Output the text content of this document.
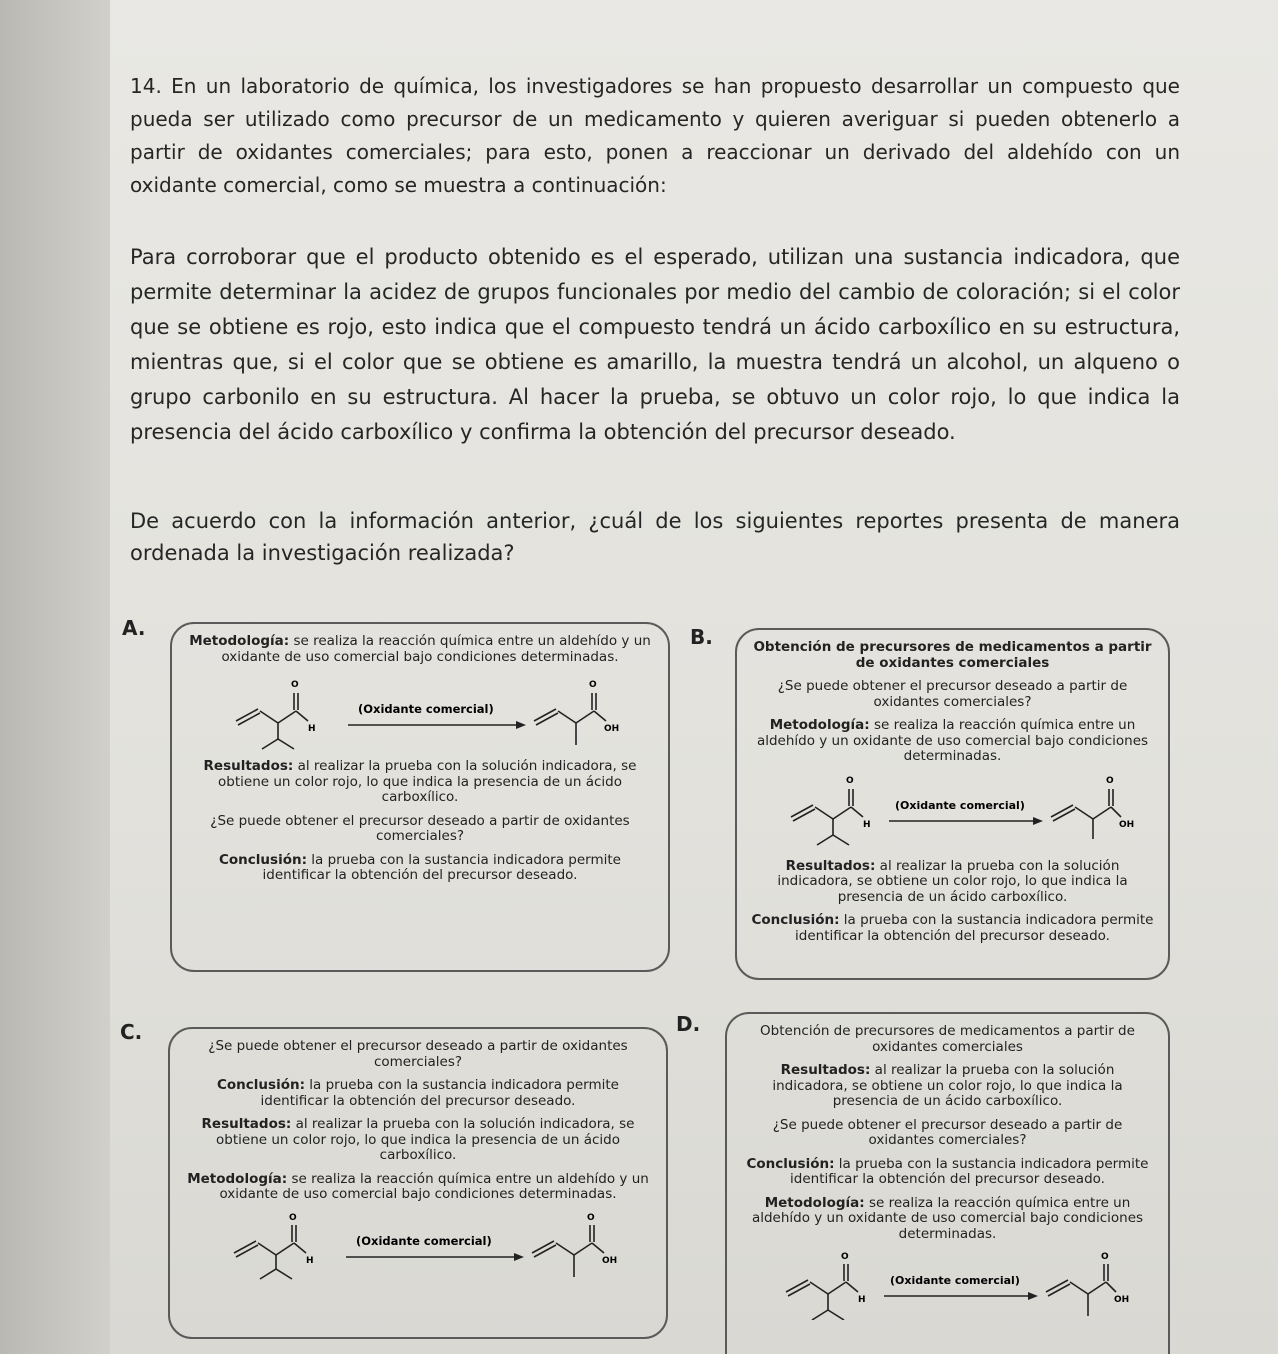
14. En un laboratorio de química, los investigadores se han propuesto desarrollar un compuesto que pueda ser utilizado como precursor de un medicamento y quieren averiguar si pueden obtenerlo a partir de oxidantes comerciales; para esto, ponen a reaccionar un derivado del aldehído con un oxidante comercial, como se muestra a continuación:
Para corroborar que el producto obtenido es el esperado, utilizan una sustancia indicadora, que permite determinar la acidez de grupos funcionales por medio del cambio de coloración; si el color que se obtiene es rojo, esto indica que el compuesto tendrá un ácido carboxílico en su estructura, mientras que, si el color que se obtiene es amarillo, la muestra tendrá un alcohol, un alqueno o grupo carbonilo en su estructura. Al hacer la prueba, se obtuvo un color rojo, lo que indica la presencia del ácido carboxílico y confirma la obtención del precursor deseado.
De acuerdo con la información anterior, ¿cuál de los siguientes reportes presenta de manera ordenada la investigación realizada?
A.

Metodología: se realiza la reacción química entre un aldehído y un oxidante de uso comercial bajo condiciones determinadas.

O
H
O
OH
(Oxidante comercial)

Resultados: al realizar la prueba con la solución indicadora, se obtiene un color rojo, lo que indica la presencia de un ácido carboxílico.

¿Se puede obtener el precursor deseado a partir de oxidantes comerciales?

Conclusión: la prueba con la sustancia indicadora permite identificar la obtención del precursor deseado.

B.	Obtención de precursores de medicamentos a partir de oxidantes comerciales

¿Se puede obtener el precursor deseado a partir de oxidantes comerciales?

Metodología: se realiza la reacción química entre un aldehído y un oxidante de uso comercial bajo condiciones determinadas.

O
H
O
OH
(Oxidante comercial)

Resultados: al realizar la prueba con la solución indicadora, se obtiene un color rojo, lo que indica la presencia de un ácido carboxílico.

Conclusión: la prueba con la sustancia indicadora permite identificar la obtención del precursor deseado.

C.

¿Se puede obtener el precursor deseado a partir de oxidantes comerciales?

Conclusión: la prueba con la sustancia indicadora permite identificar la obtención del precursor deseado.

Resultados: al realizar la prueba con la solución indicadora, se obtiene un color rojo, lo que indica la presencia de un ácido carboxílico.

Metodología: se realiza la reacción química entre un aldehído y un oxidante de uso comercial bajo condiciones determinadas.

O
H
O
OH
(Oxidante comercial)
D.	Obtención de precursores de medicamentos a partir de oxidantes comerciales

Resultados: al realizar la prueba con la solución indicadora, se obtiene un color rojo, lo que indica la presencia de un ácido carboxílico.

¿Se puede obtener el precursor deseado a partir de oxidantes comerciales?

Conclusión: la prueba con la sustancia indicadora permite identificar la obtención del precursor deseado.

Metodología: se realiza la reacción química entre un aldehído y un oxidante de uso comercial bajo condiciones determinadas.

O
H
O
OH
(Oxidante comercial)
